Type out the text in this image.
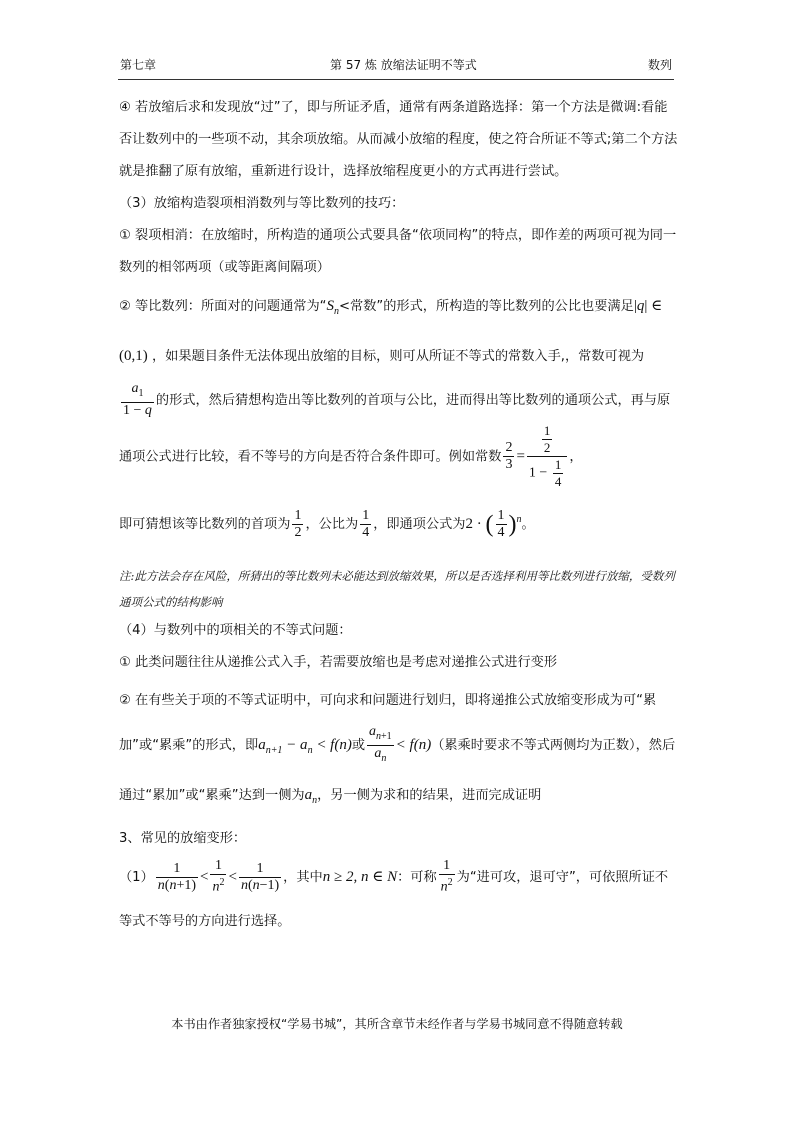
第七章	第 57 炼 放缩法证明不等式	数列

④ 若放缩后求和发现放“过”了，即与所证矛盾，通常有两条道路选择：第一个方法是微调:看能否让数列中的一些项不动，其余项放缩。从而减小放缩的程度，使之符合所证不等式;第二个方法就是推翻了原有放缩，重新进行设计，选择放缩程度更小的方式再进行尝试。

（3）放缩构造裂项相消数列与等比数列的技巧：

① 裂项相消：在放缩时，所构造的通项公式要具备“依项同构”的特点，即作差的两项可视为同一数列的相邻两项（或等距离间隔项）

② 等比数列：所面对的问题通常为“$S_n<$常数”的形式，所构造的等比数列的公比也要满足|q| ∈ (0,1) ，如果题目条件无法体现出放缩的目标，则可从所证不等式的常数入手,，常数可视为
$\frac{a_1}{1 - q}$ 的形式，然后猜想构造出等比数列的首项与公比，进而得出等比数列的通项公式，再与原通项公式进行比较，看不等号的方向是否符合条件即可。例如常数 $\frac{2}{3} = \frac{\frac{1}{2}}{1 - \frac{1}{4}}$ ，

即可猜想该等比数列的首项为 $\frac{1}{2}$ ，公比为 $\frac{1}{4}$ ，即通项公式为2 · ( $\frac{1}{4} )^n$。

注:此方法会存在风险，所猜出的等比数列未必能达到放缩效果，所以是否选择利用等比数列进行放缩，受数列通项公式的结构影响

（4）与数列中的项相关的不等式问题：

① 此类问题往往从递推公式入手，若需要放缩也是考虑对递推公式进行变形

② 在有些关于项的不等式证明中，可向求和问题进行划归，即将递推公式放缩变形成为可“累加”或“累乘”的形式，即$a_{n+1} - a_n < f(n)$或 $\frac{a_{n+1}}{a_n} < f(n)$（累乘时要求不等式两侧均为正数），然后通过“累加”或“累乘”达到一侧为$a_n$，另一侧为求和的结果，进而完成证明

3、常见的放缩变形：

$(1) \frac{1}{n(n+1)} < \frac{1}{n^2} < \frac{1}{n(n-1)}$ ，其中n ≥ 2, n ∈ N：可称 $\frac{1}{n^2}$ 为“进可攻，退可守”，可依照所证不等式不等号的方向进行选择。

本书由作者独家授权“学易书城”，其所含章节未经作者与学易书城同意不得随意转载
